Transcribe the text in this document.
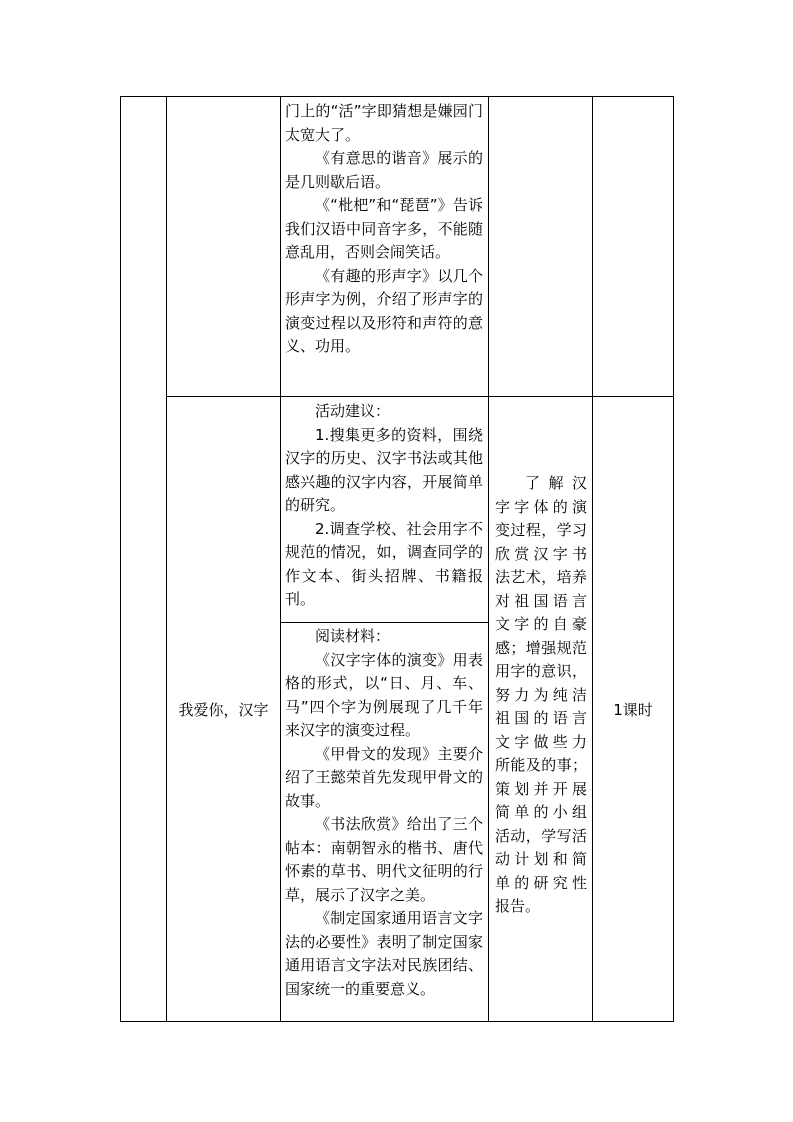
门上的“活”字即猜想是嫌园门太宽大了。

《有意思的谐音》展示的是几则歇后语。

《“枇杷”和“琵琶”》告诉我们汉语中同音字多，不能随意乱用，否则会闹笑话。

《有趣的形声字》以几个形声字为例，介绍了形声字的演变过程以及形符和声符的意义、功用。

我爱你，汉字

活动建议：

1.搜集更多的资料，围绕汉字的历史、汉字书法或其他感兴趣的汉字内容，开展简单的研究。

2.调查学校、社会用字不规范的情况，如，调查同学的作文本、街头招牌、书籍报刊。

阅读材料：

《汉字字体的演变》用表格的形式，以“日、月、车、马”四个字为例展现了几千年来汉字的演变过程。

《甲骨文的发现》主要介绍了王懿荣首先发现甲骨文的故事。

《书法欣赏》给出了三个帖本：南朝智永的楷书、唐代怀素的草书、明代文征明的行草，展示了汉字之美。

《制定国家通用语言文字法的必要性》表明了制定国家通用语言文字法对民族团结、国家统一的重要意义。

了解汉
字字体的演
变过程，学习
欣赏汉字书
法艺术，培养
对祖国语言
文字的自豪
感；增强规范
用字的意识，
努力为纯洁
祖国的语言
文字做些力
所能及的事；
策划并开展
简单的小组
活动，学写活
动计划和简
单的研究性
报告。
1课时
